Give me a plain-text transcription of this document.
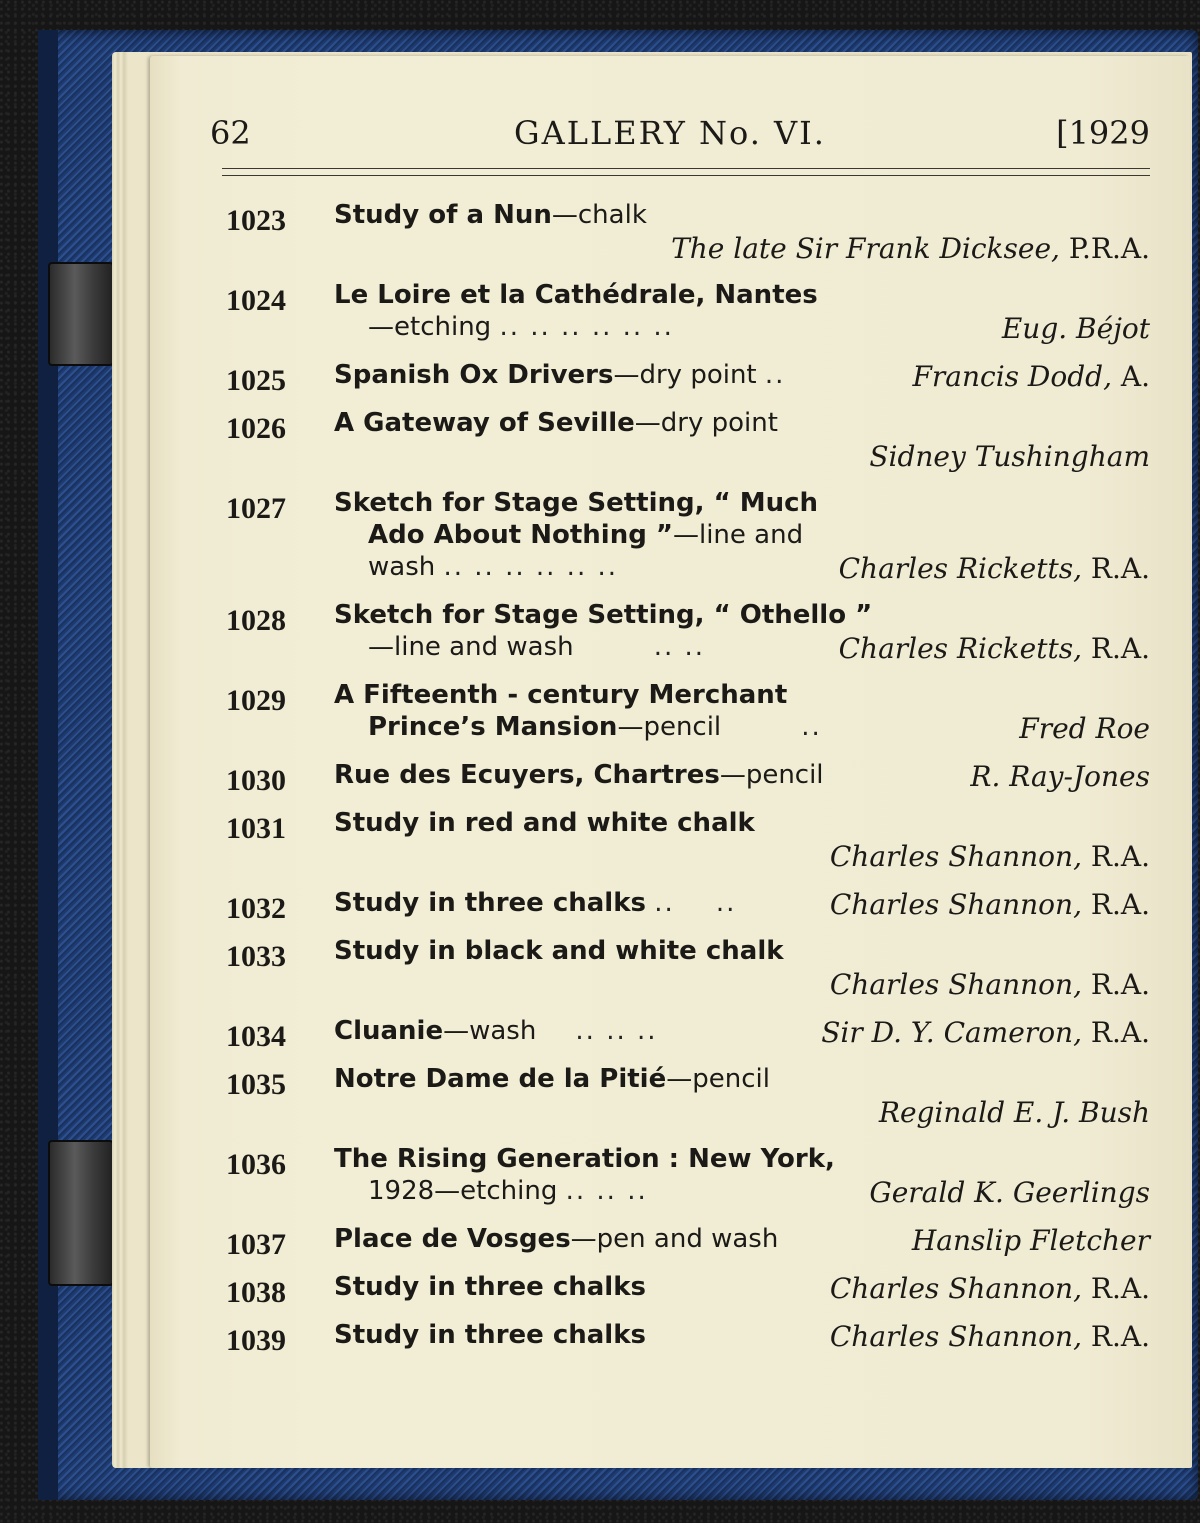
62	GALLERY No. VI.	[1929
1023 Study of a Nun—chalk
The late Sir Frank Dicksee, P.R.A.
1024 Le Loire et la Cathédrale, Nantes
—etching .. .. .. .. .. ..	Eug. Béjot
1025 Spanish Ox Drivers—dry point ..	Francis Dodd, A.
1026 A Gateway of Seville—dry point
Sidney Tushingham
1027 Sketch for Stage Setting, “ Much
Ado About Nothing ”—line and
wash .. .. .. .. .. ..	Charles Ricketts, R.A.
1028 Sketch for Stage Setting, “ Othello ”
—line and wash        .. ..	Charles Ricketts, R.A.
1029 A Fifteenth - century Merchant
Prince’s Mansion—pencil        ..	Fred Roe
1030 Rue des Ecuyers, Chartres—pencil	R. Ray-Jones
1031 Study in red and white chalk
Charles Shannon, R.A.
1032 Study in three chalks ..    ..	Charles Shannon, R.A.
1033 Study in black and white chalk
Charles Shannon, R.A.
1034 Cluanie—wash    .. .. ..	Sir D. Y. Cameron, R.A.
1035 Notre Dame de la Pitié—pencil
Reginald E. J. Bush
1036 The Rising Generation : New York,
1928—etching .. .. ..	Gerald K. Geerlings
1037 Place de Vosges—pen and wash	Hanslip Fletcher
1038 Study in three chalks	Charles Shannon, R.A.
1039 Study in three chalks	Charles Shannon, R.A.
